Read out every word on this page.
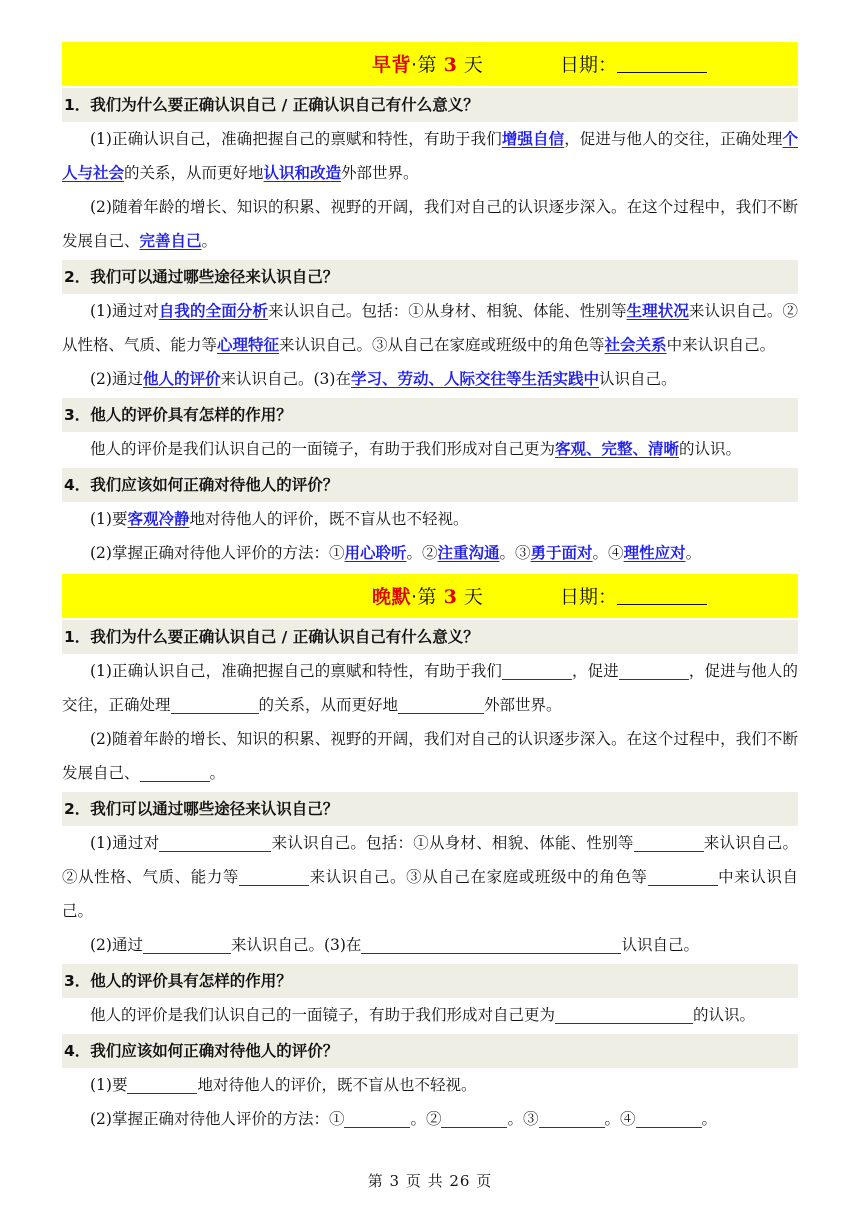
早背·第 3 天	日期：
1．我们为什么要正确认识自己 / 正确认识自己有什么意义？

(1)正确认识自己，准确把握自己的禀赋和特性，有助于我们增强自信，促进与他人的交往，正确处理个人与社会的关系，从而更好地认识和改造外部世界。

(2)随着年龄的增长、知识的积累、视野的开阔，我们对自己的认识逐步深入。在这个过程中，我们不断发展自己、完善自己。

2．我们可以通过哪些途径来认识自己？

(1)通过对自我的全面分析来认识自己。包括：①从身材、相貌、体能、性别等生理状况来认识自己。②从性格、气质、能力等心理特征来认识自己。③从自己在家庭或班级中的角色等社会关系中来认识自己。

(2)通过他人的评价来认识自己。(3)在学习、劳动、人际交往等生活实践中认识自己。

3．他人的评价具有怎样的作用？

他人的评价是我们认识自己的一面镜子，有助于我们形成对自己更为客观、完整、清晰的认识。

4．我们应该如何正确对待他人的评价？

(1)要客观冷静地对待他人的评价，既不盲从也不轻视。

(2)掌握正确对待他人评价的方法：①用心聆听。②注重沟通。③勇于面对。④理性应对。

晚默·第 3 天	日期：
1．我们为什么要正确认识自己 / 正确认识自己有什么意义？

(1)正确认识自己，准确把握自己的禀赋和特性，有助于我们	，促进	，促进与他人的交往，正确处理	的关系，从而更好地	外部世界。

(2)随着年龄的增长、知识的积累、视野的开阔，我们对自己的认识逐步深入。在这个过程中，我们不断发展自己、	。

2．我们可以通过哪些途径来认识自己？

(1)通过对	来认识自己。包括：①从身材、相貌、体能、性别等	来认识自己。②从性格、气质、能力等	来认识自己。③从自己在家庭或班级中的角色等	中来认识自己。

(2)通过	来认识自己。(3)在	认识自己。

3．他人的评价具有怎样的作用？

他人的评价是我们认识自己的一面镜子，有助于我们形成对自己更为	的认识。

4．我们应该如何正确对待他人的评价？

(1)要	地对待他人的评价，既不盲从也不轻视。

(2)掌握正确对待他人评价的方法：①	。②	。③	。④	。

第 3 页 共 26 页
